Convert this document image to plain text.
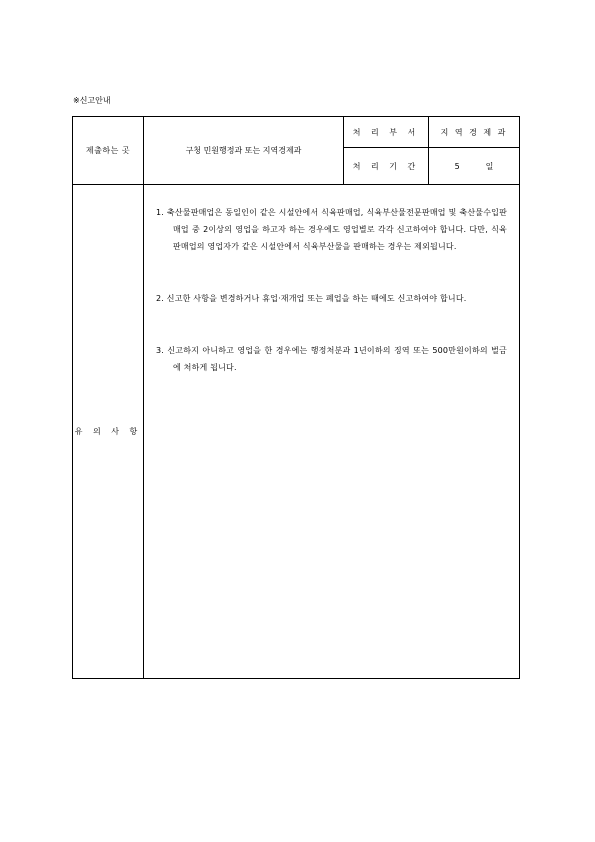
※신고안내
제출하는 곳	구청 민원행정과 또는 지역경제과	처 리 부 서	지 역 경 제 과
		처 리 기 간	5 일
유 의 사 항	1. 축산물판매업은 동일인이 같은 시설안에서 식육판매업, 식육부산물전문판매업 및 축산물수입판매업 중 2이상의 영업을 하고자 하는 경우에도 영업별로 각각 신고하여야 합니다. 다만, 식육판매업의 영업자가 같은 시설안에서 식육부산물을 판매하는 경우는 제외됩니다.
2. 신고한 사항을 변경하거나 휴업·재개업 또는 폐업을 하는 때에도 신고하여야 합니다.
3. 신고하지 아니하고 영업을 한 경우에는 행정처분과 1년이하의 징역 또는 500만원이하의 벌금에 처하게 됩니다.		
